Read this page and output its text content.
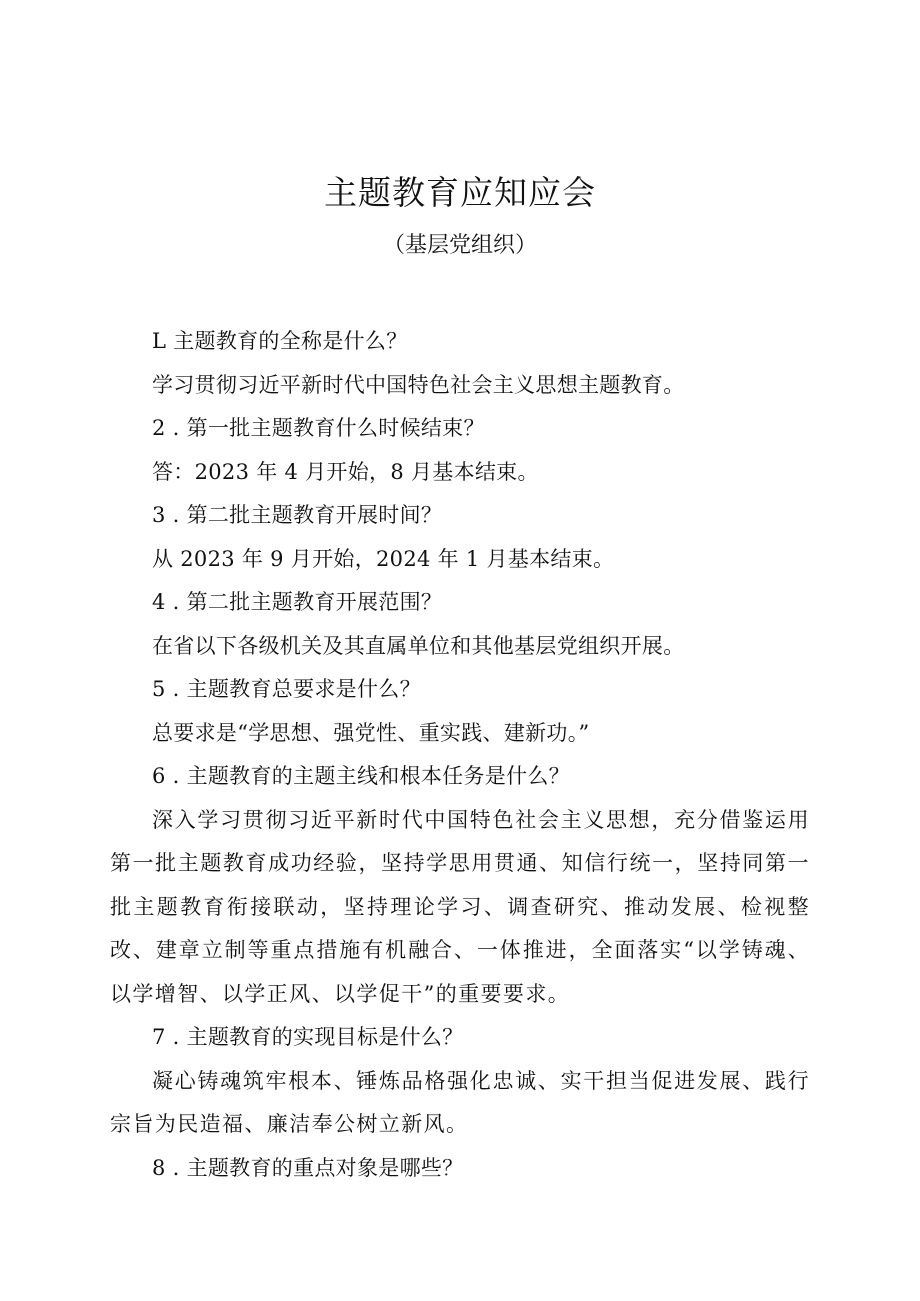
主题教育应知应会
（基层党组织）

L 主题教育的全称是什么？

学习贯彻习近平新时代中国特色社会主义思想主题教育。

2 . 第一批主题教育什么时候结束？

答：2023 年 4 月开始，8 月基本结束。

3 . 第二批主题教育开展时间？

从 2023 年 9 月开始，2024 年 1 月基本结束。

4 . 第二批主题教育开展范围？

在省以下各级机关及其直属单位和其他基层党组织开展。

5 . 主题教育总要求是什么？

总要求是“学思想、强党性、重实践、建新功。”

6 . 主题教育的主题主线和根本任务是什么？

深入学习贯彻习近平新时代中国特色社会主义思想，充分借鉴运用第一批主题教育成功经验，坚持学思用贯通、知信行统一，坚持同第一批主题教育衔接联动，坚持理论学习、调查研究、推动发展、检视整改、建章立制等重点措施有机融合、一体推进，全面落实“以学铸魂、以学增智、以学正风、以学促干”的重要要求。

7 . 主题教育的实现目标是什么？

凝心铸魂筑牢根本、锤炼品格强化忠诚、实干担当促进发展、践行宗旨为民造福、廉洁奉公树立新风。

8 . 主题教育的重点对象是哪些？
